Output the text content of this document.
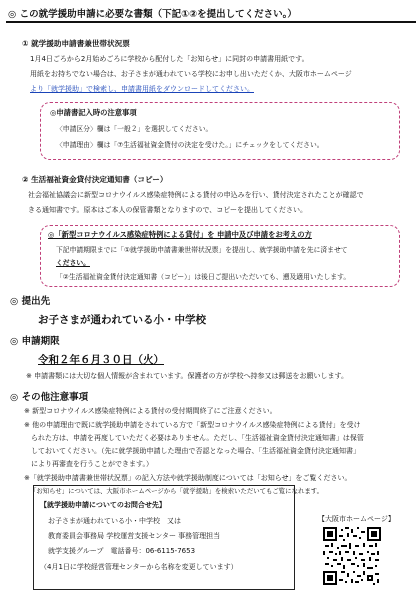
◎ この就学援助申請に必要な書類（下記①②を提出してください。）
① 就学援助申請書兼世帯状況票
1月4日ごろから2月始めごろに学校から配付した「お知らせ」に同封の申請書用紙です。
用紙をお持ちでない場合は、お子さまが通われている学校にお申し出いただくか、大阪市ホームページ
より「就学援助」で検索し、申請書用紙をダウンロードしてください。
◎申請書記入時の注意事項
〈申請区分〉欄は「一般２」を選択してください。
〈申請理由〉欄は「⑦生活福祉資金貸付の決定を受けた。」にチェックをしてください。
② 生活福祉資金貸付決定通知書（コピー）
社会福祉協議会に新型コロナウイルス感染症特例による貸付の申込みを行い、貸付決定されたことが確認で
きる通知書です。原本はご本人の保管書類となりますので、コピーを提出してください。
◎「新型コロナウイルス感染症特例による貸付」を 申請中及び申請をお考えの方
下記申請期限までに「①就学援助申請書兼世帯状況票」を提出し、就学援助申請を先に済ませて
ください。
「②生活福祉資金貸付決定通知書（コピー）」は後日ご提出いただいても、遡及適用いたします。
◎ 提出先
お子さまが通われている小・中学校
◎ 申請期限
令和２年６月３０日（火）
※ 申請書類には大切な個人情報が含まれています。保護者の方が学校へ持参又は郵送をお願いします。
◎ その他注意事項
※ 新型コロナウイルス感染症特例による貸付の受付期間終了にご注意ください。
※ 他の申請理由で既に就学援助申請をされている方で「新型コロナウイルス感染症特例による貸付」を受け
　られた方は、申請を再度していただく必要はありません。ただし、「生活福祉資金貸付決定通知書」は保管
　しておいてください。（先に就学援助申請した理由で否認となった場合、「生活福祉資金貸付決定通知書」
　により再審査を行うことができます。）
※「就学援助申請書兼世帯状況票」の記入方法や就学援助制度については「お知らせ」をご覧ください。
「お知らせ」については、大阪市ホームページから「就学援助」を検索いただいてもご覧になれます。
【就学援助申請についてのお問合せ先】
お子さまが通われている小・中学校　又は
教育委員会事務局 学校運営支援センター 事務管理担当
就学支援グループ　電話番号：06-6115-7653
（4月1日に学校経営管理センターから名称を変更しています）
【大阪市ホームページ】
